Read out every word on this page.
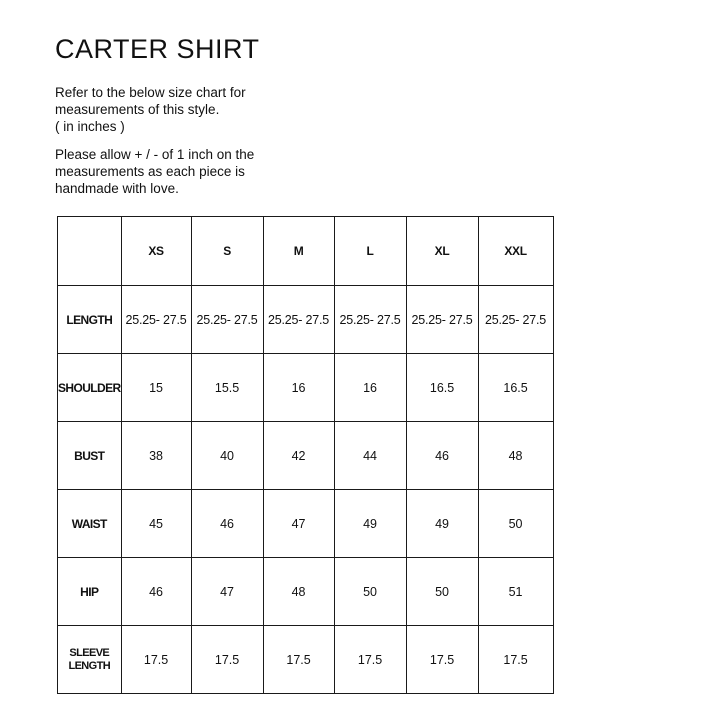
CARTER SHIRT

Refer to the below size chart for

measurements of this style.

( in inches )

Please allow + / - of 1 inch on the

measurements as each piece is

handmade with love.

	XS	S	M	L	XL	XXL
LENGTH	25.25- 27.5	25.25- 27.5	25.25- 27.5	25.25- 27.5	25.25- 27.5	25.25- 27.5
SHOULDER	15	15.5	16	16	16.5	16.5
BUST	38	40	42	44	46	48
WAIST	45	46	47	49	49	50
HIP	46	47	48	50	50	51
SLEEVE LENGTH	17.5	17.5	17.5	17.5	17.5	17.5
